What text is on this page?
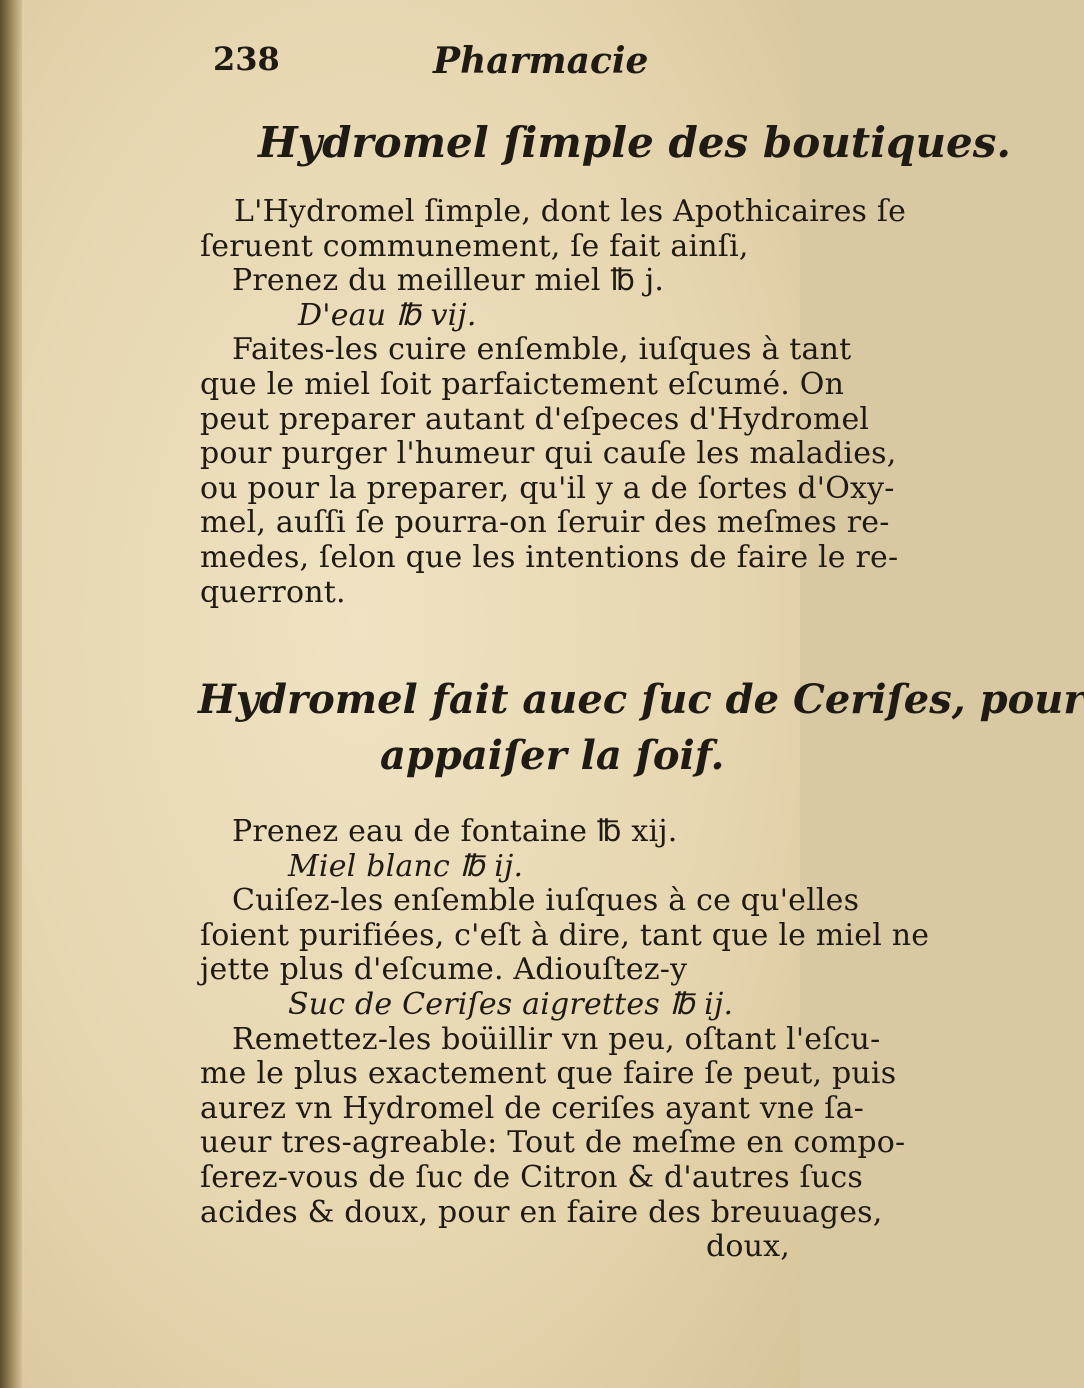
238	Pharmacie
Hydromel ſimple des boutiques.
L'Hydromel ſimple, dont les Apothicaires ſe
ſeruent communement, ſe fait ainſi,
Prenez du meilleur miel ℔ j.
D'eau ℔ vij.
Faites-les cuire enſemble, iuſques à tant
que le miel ſoit parfaictement eſcumé. On
peut preparer autant d'eſpeces d'Hydromel
pour purger l'humeur qui cauſe les maladies,
ou pour la preparer, qu'il y a de ſortes d'Oxy-
mel, auſſi ſe pourra-on ſeruir des meſmes re-
medes, ſelon que les intentions de faire le re-
querront.
Hydromel fait auec ſuc de Ceriſes, pour
appaiſer la ſoif.
Prenez eau de fontaine ℔ xij.
Miel blanc ℔ ij.
Cuiſez-les enſemble iuſques à ce qu'elles
ſoient purifiées, c'eſt à dire, tant que le miel ne
jette plus d'eſcume. Adiouſtez-y
Suc de Ceriſes aigrettes ℔ ij.
Remettez-les boüillir vn peu, oſtant l'eſcu-
me le plus exactement que faire ſe peut, puis
aurez vn Hydromel de ceriſes ayant vne ſa-
ueur tres-agreable: Tout de meſme en compo-
ſerez-vous de ſuc de Citron & d'autres ſucs
acides & doux, pour en faire des breuuages,
doux,
